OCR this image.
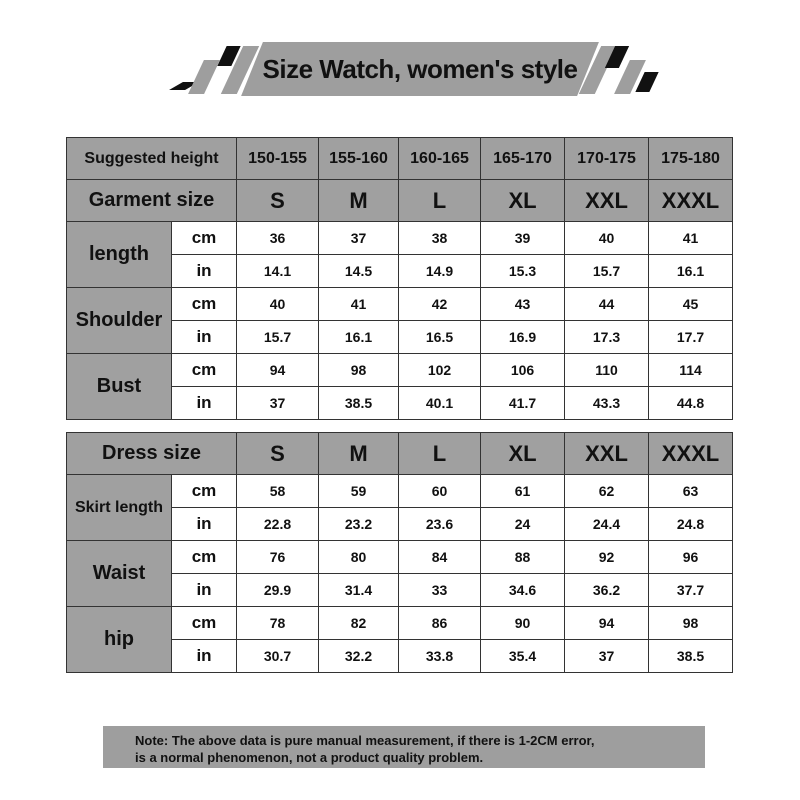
Size Watch, women's style
Suggested height		150-155	155-160	160-165	165-170	170-175	175-180
Garment size		S	M	L	XL	XXL	XXXL
length	cm	36	37	38	39	40	41
	in	14.1	14.5	14.9	15.3	15.7	16.1
Shoulder	cm	40	41	42	43	44	45
	in	15.7	16.1	16.5	16.9	17.3	17.7
Bust	cm	94	98	102	106	110	114
	in	37	38.5	40.1	41.7	43.3	44.8
Dress size		S	M	L	XL	XXL	XXXL
Skirt length	cm	58	59	60	61	62	63
	in	22.8	23.2	23.6	24	24.4	24.8
Waist	cm	76	80	84	88	92	96
	in	29.9	31.4	33	34.6	36.2	37.7
hip	cm	78	82	86	90	94	98
	in	30.7	32.2	33.8	35.4	37	38.5
Note: The above data is pure manual measurement, if there is 1-2CM error,
is a normal phenomenon, not a product quality problem.
